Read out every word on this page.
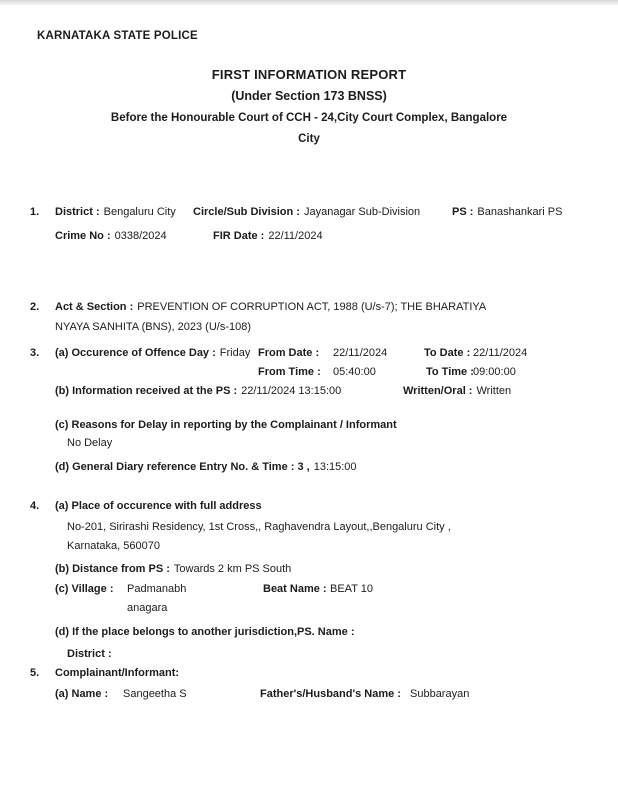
KARNATAKA STATE POLICE
FIRST INFORMATION REPORT
(Under Section 173 BNSS)
Before the Honourable Court of CCH - 24,City Court Complex, Bangalore
City
1. District : Bengaluru City Circle/Sub Division : Jayanagar Sub-Division	PS : Banashankari PS
Crime No : 0338/2024	FIR Date : 22/11/2024
2. Act & Section : PREVENTION OF CORRUPTION ACT, 1988 (U/s-7); THE BHARATIYA
NYAYA SANHITA (BNS), 2023 (U/s-108)
3. (a) Occurence of Offence Day : Friday From Date : 22/11/2024	To Date : 22/11/2024
From Time : 05:40:00	To Time : 09:00:00
(b) Information received at the PS : 22/11/2024 13:15:00	Written/Oral : Written
(c) Reasons for Delay in reporting by the Complainant / Informant
No Delay
(d) General Diary reference Entry No. & Time : 3 , 13:15:00
4. (a) Place of occurence with full address
No-201, Sirirashi Residency, 1st Cross,, Raghavendra Layout,,Bengaluru City ,
Karnataka, 560070
(b) Distance from PS : Towards 2 km PS South
(c) Village : Padmanabh	Beat Name : BEAT 10
anagara
(d) If the place belongs to another jurisdiction,PS. Name :
District :
5. Complainant/Informant:
(a) Name : Sangeetha S	Father's/Husband's Name : Subbarayan
